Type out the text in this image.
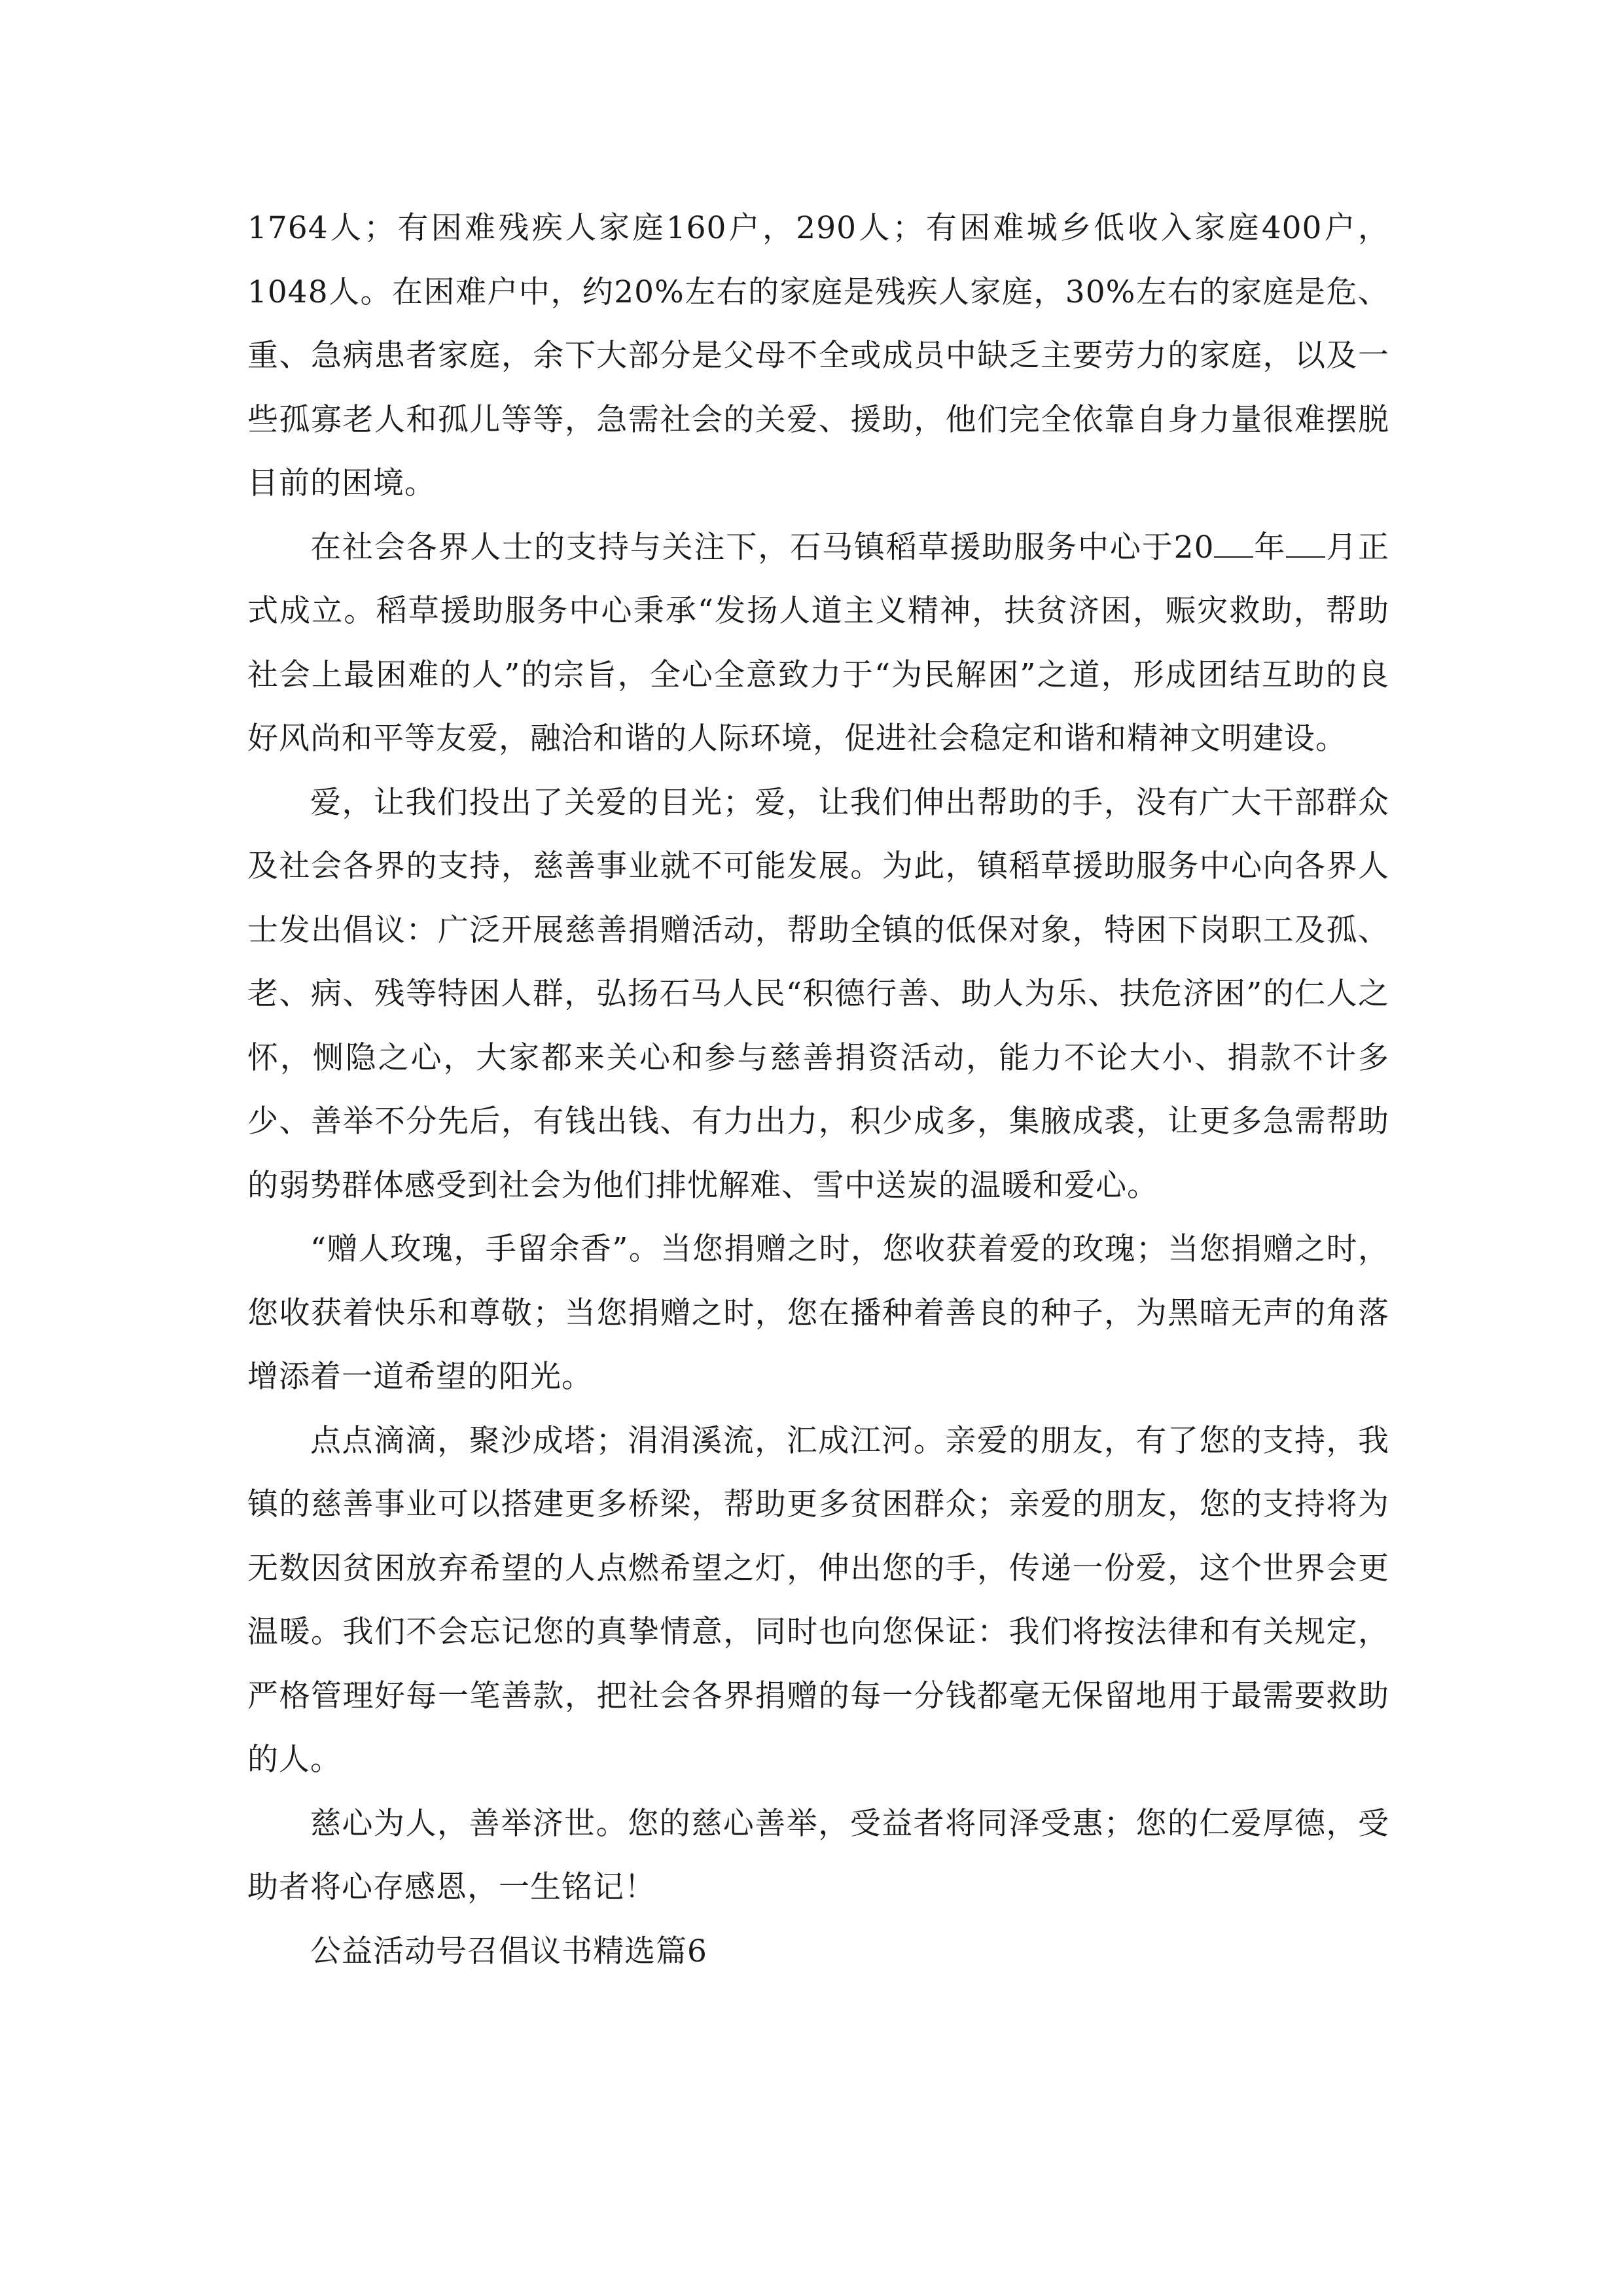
1764人；有困难残疾人家庭160户，290人；有困难城乡低收入家庭400户，1048人。在困难户中，约20%左右的家庭是残疾人家庭，30%左右的家庭是危、重、急病患者家庭，余下大部分是父母不全或成员中缺乏主要劳力的家庭，以及一些孤寡老人和孤儿等等，急需社会的关爱、援助，他们完全依靠自身力量很难摆脱目前的困境。

在社会各界人士的支持与关注下，石马镇稻草援助服务中心于20 年 月正式成立。稻草援助服务中心秉承“发扬人道主义精神，扶贫济困，赈灾救助，帮助社会上最困难的人”的宗旨，全心全意致力于“为民解困”之道，形成团结互助的良好风尚和平等友爱，融洽和谐的人际环境，促进社会稳定和谐和精神文明建设。

爱，让我们投出了关爱的目光；爱，让我们伸出帮助的手，没有广大干部群众及社会各界的支持，慈善事业就不可能发展。为此，镇稻草援助服务中心向各界人士发出倡议：广泛开展慈善捐赠活动，帮助全镇的低保对象，特困下岗职工及孤、老、病、残等特困人群，弘扬石马人民“积德行善、助人为乐、扶危济困”的仁人之怀，恻隐之心，大家都来关心和参与慈善捐资活动，能力不论大小、捐款不计多少、善举不分先后，有钱出钱、有力出力，积少成多，集腋成裘，让更多急需帮助的弱势群体感受到社会为他们排忧解难、雪中送炭的温暖和爱心。

“赠人玫瑰，手留余香”。当您捐赠之时，您收获着爱的玫瑰；当您捐赠之时，您收获着快乐和尊敬；当您捐赠之时，您在播种着善良的种子，为黑暗无声的角落增添着一道希望的阳光。

点点滴滴，聚沙成塔；涓涓溪流，汇成江河。亲爱的朋友，有了您的支持，我镇的慈善事业可以搭建更多桥梁，帮助更多贫困群众；亲爱的朋友，您的支持将为无数因贫困放弃希望的人点燃希望之灯，伸出您的手，传递一份爱，这个世界会更温暖。我们不会忘记您的真挚情意，同时也向您保证：我们将按法律和有关规定，严格管理好每一笔善款，把社会各界捐赠的每一分钱都毫无保留地用于最需要救助的人。

慈心为人，善举济世。您的慈心善举，受益者将同泽受惠；您的仁爱厚德，受助者将心存感恩，一生铭记！

公益活动号召倡议书精选篇6
